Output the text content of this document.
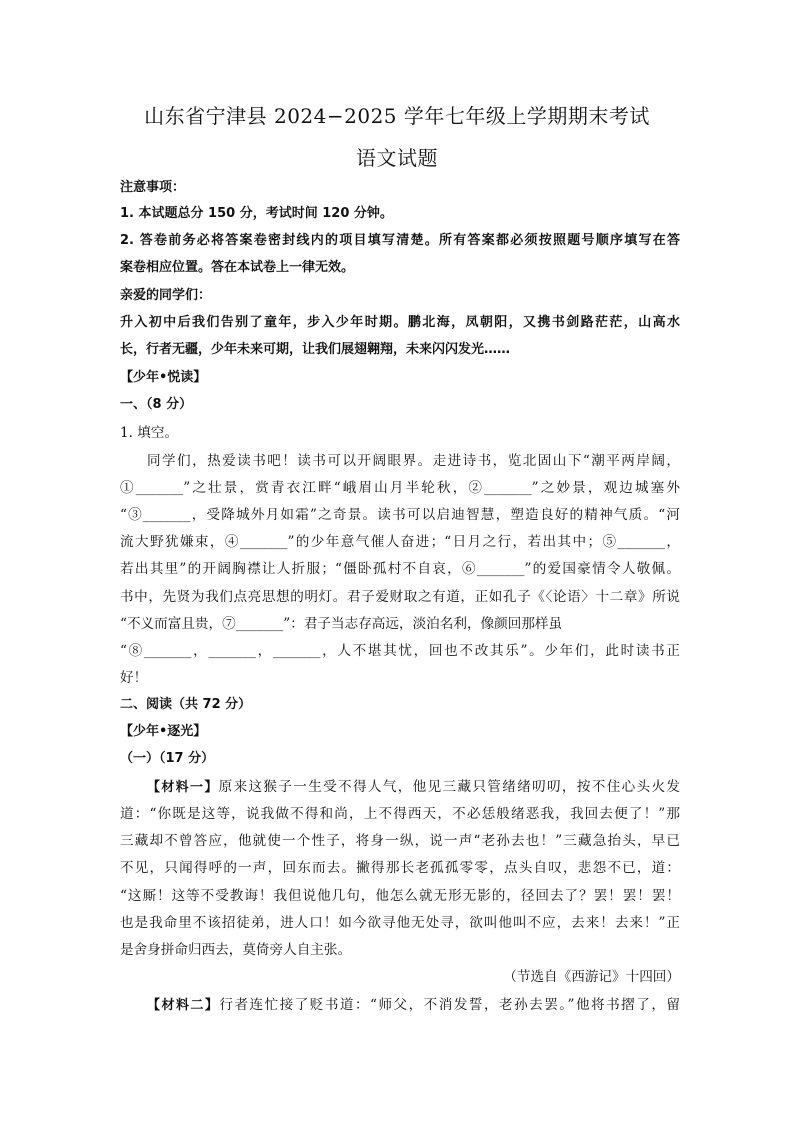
山东省宁津县 2024−2025 学年七年级上学期期末考试
语文试题
注意事项：
1. 本试题总分 150 分，考试时间 120 分钟。
2. 答卷前务必将答案卷密封线内的项目填写清楚。所有答案都必须按照题号顺序填写在答
案卷相应位置。答在本试卷上一律无效。
亲爱的同学们：
升入初中后我们告别了童年，步入少年时期。鹏北海，凤朝阳，又携书剑路茫茫，山高水
长，行者无疆，少年未来可期，让我们展翅翱翔，未来闪闪发光……
【少年•悦读】
一、（8 分）
1. 填空。
同学们，热爱读书吧！读书可以开阔眼界。走进诗书，览北固山下“潮平两岸阔，
①_______”之壮景，赏青衣江畔“峨眉山月半轮秋，②_______”之妙景，观边城塞外
“③_______，受降城外月如霜”之奇景。读书可以启迪智慧，塑造良好的精神气质。“河
流大野犹嫌束，④_______”的少年意气催人奋进；“日月之行，若出其中；⑤_______，
若出其里”的开阔胸襟让人折服；“僵卧孤村不自哀，⑥_______”的爱国豪情令人敬佩。
书中，先贤为我们点亮思想的明灯。君子爱财取之有道，正如孔子《〈论语〉十二章》所说
“不义而富且贵，⑦_______”：君子当志存高远，淡泊名利，像颜回那样虽
“⑧_______，_______，_______，人不堪其忧，回也不改其乐”。少年们，此时读书正
好！
二、阅读（共 72 分）
【少年•逐光】
（一）（17 分）
【材料一】原来这猴子一生受不得人气，他见三藏只管绪绪叨叨，按不住心头火发
道：“你既是这等，说我做不得和尚，上不得西天，不必恁般绪恶我，我回去便了！”那
三藏却不曾答应，他就使一个性子，将身一纵，说一声“老孙去也！”三藏急抬头，早已
不见，只闻得呼的一声，回东而去。撇得那长老孤孤零零，点头自叹，悲怨不已，道：
“这厮！这等不受教诲！我但说他几句，他怎么就无形无影的，径回去了？罢！罢！罢！
也是我命里不该招徒弟，进人口！如今欲寻他无处寻，欲叫他叫不应，去来！去来！”正
是舍身拼命归西去，莫倚旁人自主张。
（节选自《西游记》十四回）
【材料二】行者连忙接了贬书道：“师父，不消发誓，老孙去罢。”他将书摺了，留
